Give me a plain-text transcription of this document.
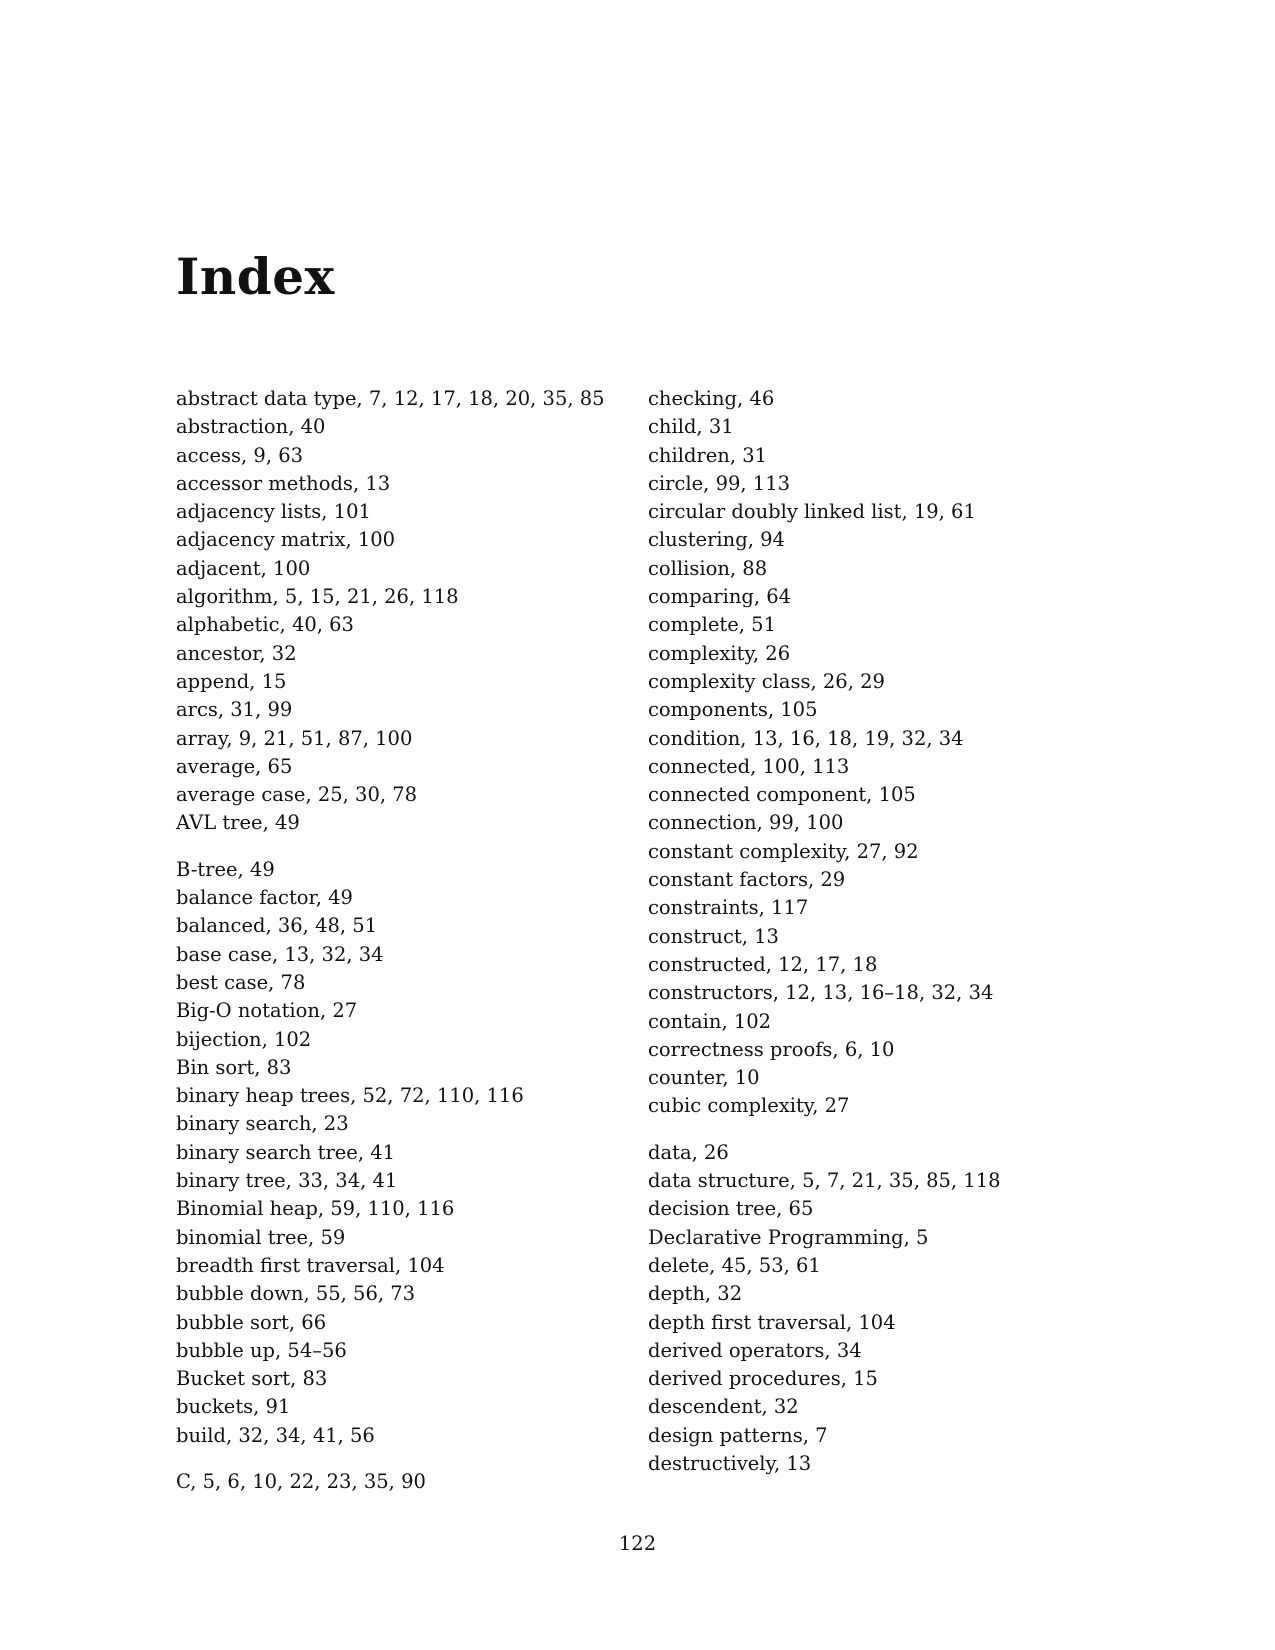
Index
abstract data type, 7, 12, 17, 18, 20, 35, 85
abstraction, 40
access, 9, 63
accessor methods, 13
adjacency lists, 101
adjacency matrix, 100
adjacent, 100
algorithm, 5, 15, 21, 26, 118
alphabetic, 40, 63
ancestor, 32
append, 15
arcs, 31, 99
array, 9, 21, 51, 87, 100
average, 65
average case, 25, 30, 78
AVL tree, 49
B-tree, 49
balance factor, 49
balanced, 36, 48, 51
base case, 13, 32, 34
best case, 78
Big-O notation, 27
bijection, 102
Bin sort, 83
binary heap trees, 52, 72, 110, 116
binary search, 23
binary search tree, 41
binary tree, 33, 34, 41
Binomial heap, 59, 110, 116
binomial tree, 59
breadth first traversal, 104
bubble down, 55, 56, 73
bubble sort, 66
bubble up, 54–56
Bucket sort, 83
buckets, 91
build, 32, 34, 41, 56
C, 5, 6, 10, 22, 23, 35, 90
checking, 46
child, 31
children, 31
circle, 99, 113
circular doubly linked list, 19, 61
clustering, 94
collision, 88
comparing, 64
complete, 51
complexity, 26
complexity class, 26, 29
components, 105
condition, 13, 16, 18, 19, 32, 34
connected, 100, 113
connected component, 105
connection, 99, 100
constant complexity, 27, 92
constant factors, 29
constraints, 117
construct, 13
constructed, 12, 17, 18
constructors, 12, 13, 16–18, 32, 34
contain, 102
correctness proofs, 6, 10
counter, 10
cubic complexity, 27
data, 26
data structure, 5, 7, 21, 35, 85, 118
decision tree, 65
Declarative Programming, 5
delete, 45, 53, 61
depth, 32
depth first traversal, 104
derived operators, 34
derived procedures, 15
descendent, 32
design patterns, 7
destructively, 13
122
